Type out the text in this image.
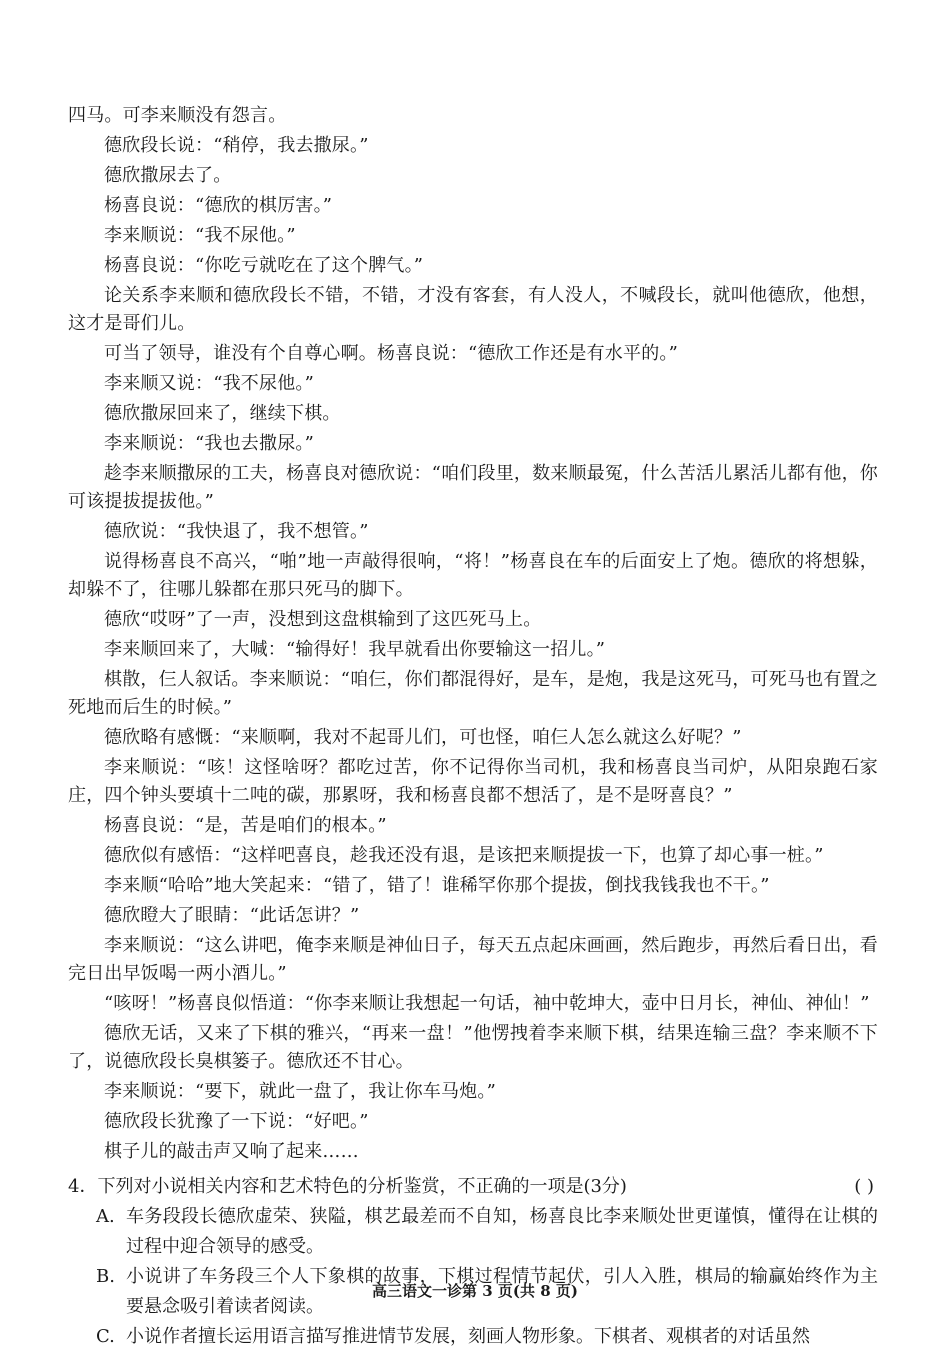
四马。可李来顺没有怨言。

德欣段长说：“稍停，我去撒尿。”

德欣撒尿去了。

杨喜良说：“德欣的棋厉害。”

李来顺说：“我不尿他。”

杨喜良说：“你吃亏就吃在了这个脾气。”

论关系李来顺和德欣段长不错，不错，才没有客套，有人没人，不喊段长，就叫他德欣，他想，这才是哥们儿。

可当了领导，谁没有个自尊心啊。杨喜良说：“德欣工作还是有水平的。”

李来顺又说：“我不尿他。”

德欣撒尿回来了，继续下棋。

李来顺说：“我也去撒尿。”

趁李来顺撒尿的工夫，杨喜良对德欣说：“咱们段里，数来顺最冤，什么苦活儿累活儿都有他，你可该提拔提拔他。”

德欣说：“我快退了，我不想管。”

说得杨喜良不高兴，“啪”地一声敲得很响，“将！”杨喜良在车的后面安上了炮。德欣的将想躲，却躲不了，往哪儿躲都在那只死马的脚下。

德欣“哎呀”了一声，没想到这盘棋输到了这匹死马上。

李来顺回来了，大喊：“输得好！我早就看出你要输这一招儿。”

棋散，仨人叙话。李来顺说：“咱仨，你们都混得好，是车，是炮，我是这死马，可死马也有置之死地而后生的时候。”

德欣略有感慨：“来顺啊，我对不起哥儿们，可也怪，咱仨人怎么就这么好呢？”

李来顺说：“咳！这怪啥呀？都吃过苦，你不记得你当司机，我和杨喜良当司炉，从阳泉跑石家庄，四个钟头要填十二吨的碳，那累呀，我和杨喜良都不想活了，是不是呀喜良？”

杨喜良说：“是，苦是咱们的根本。”

德欣似有感悟：“这样吧喜良，趁我还没有退，是该把来顺提拔一下，也算了却心事一桩。”

李来顺“哈哈”地大笑起来：“错了，错了！谁稀罕你那个提拔，倒找我钱我也不干。”

德欣瞪大了眼睛：“此话怎讲？”

李来顺说：“这么讲吧，俺李来顺是神仙日子，每天五点起床画画，然后跑步，再然后看日出，看完日出早饭喝一两小酒儿。”

“咳呀！”杨喜良似悟道：“你李来顺让我想起一句话，袖中乾坤大，壶中日月长，神仙、神仙！”

德欣无话，又来了下棋的雅兴，“再来一盘！”他愣拽着李来顺下棋，结果连输三盘？李来顺不下了，说德欣段长臭棋篓子。德欣还不甘心。

李来顺说：“要下，就此一盘了，我让你车马炮。”

德欣段长犹豫了一下说：“好吧。”

棋子儿的敲击声又响了起来……

4．下列对小说相关内容和艺术特色的分析鉴赏，不正确的一项是(3分)	( )
A. 车务段段长德欣虚荣、狭隘，棋艺最差而不自知，杨喜良比李来顺处世更谨慎，懂得在让棋的过程中迎合领导的感受。
B. 小说讲了车务段三个人下象棋的故事，下棋过程情节起伏，引人入胜，棋局的输赢始终作为主要悬念吸引着读者阅读。
C. 小说作者擅长运用语言描写推进情节发展，刻画人物形象。下棋者、观棋者的对话虽然
高三语文一诊第 3 页(共 8 页)
